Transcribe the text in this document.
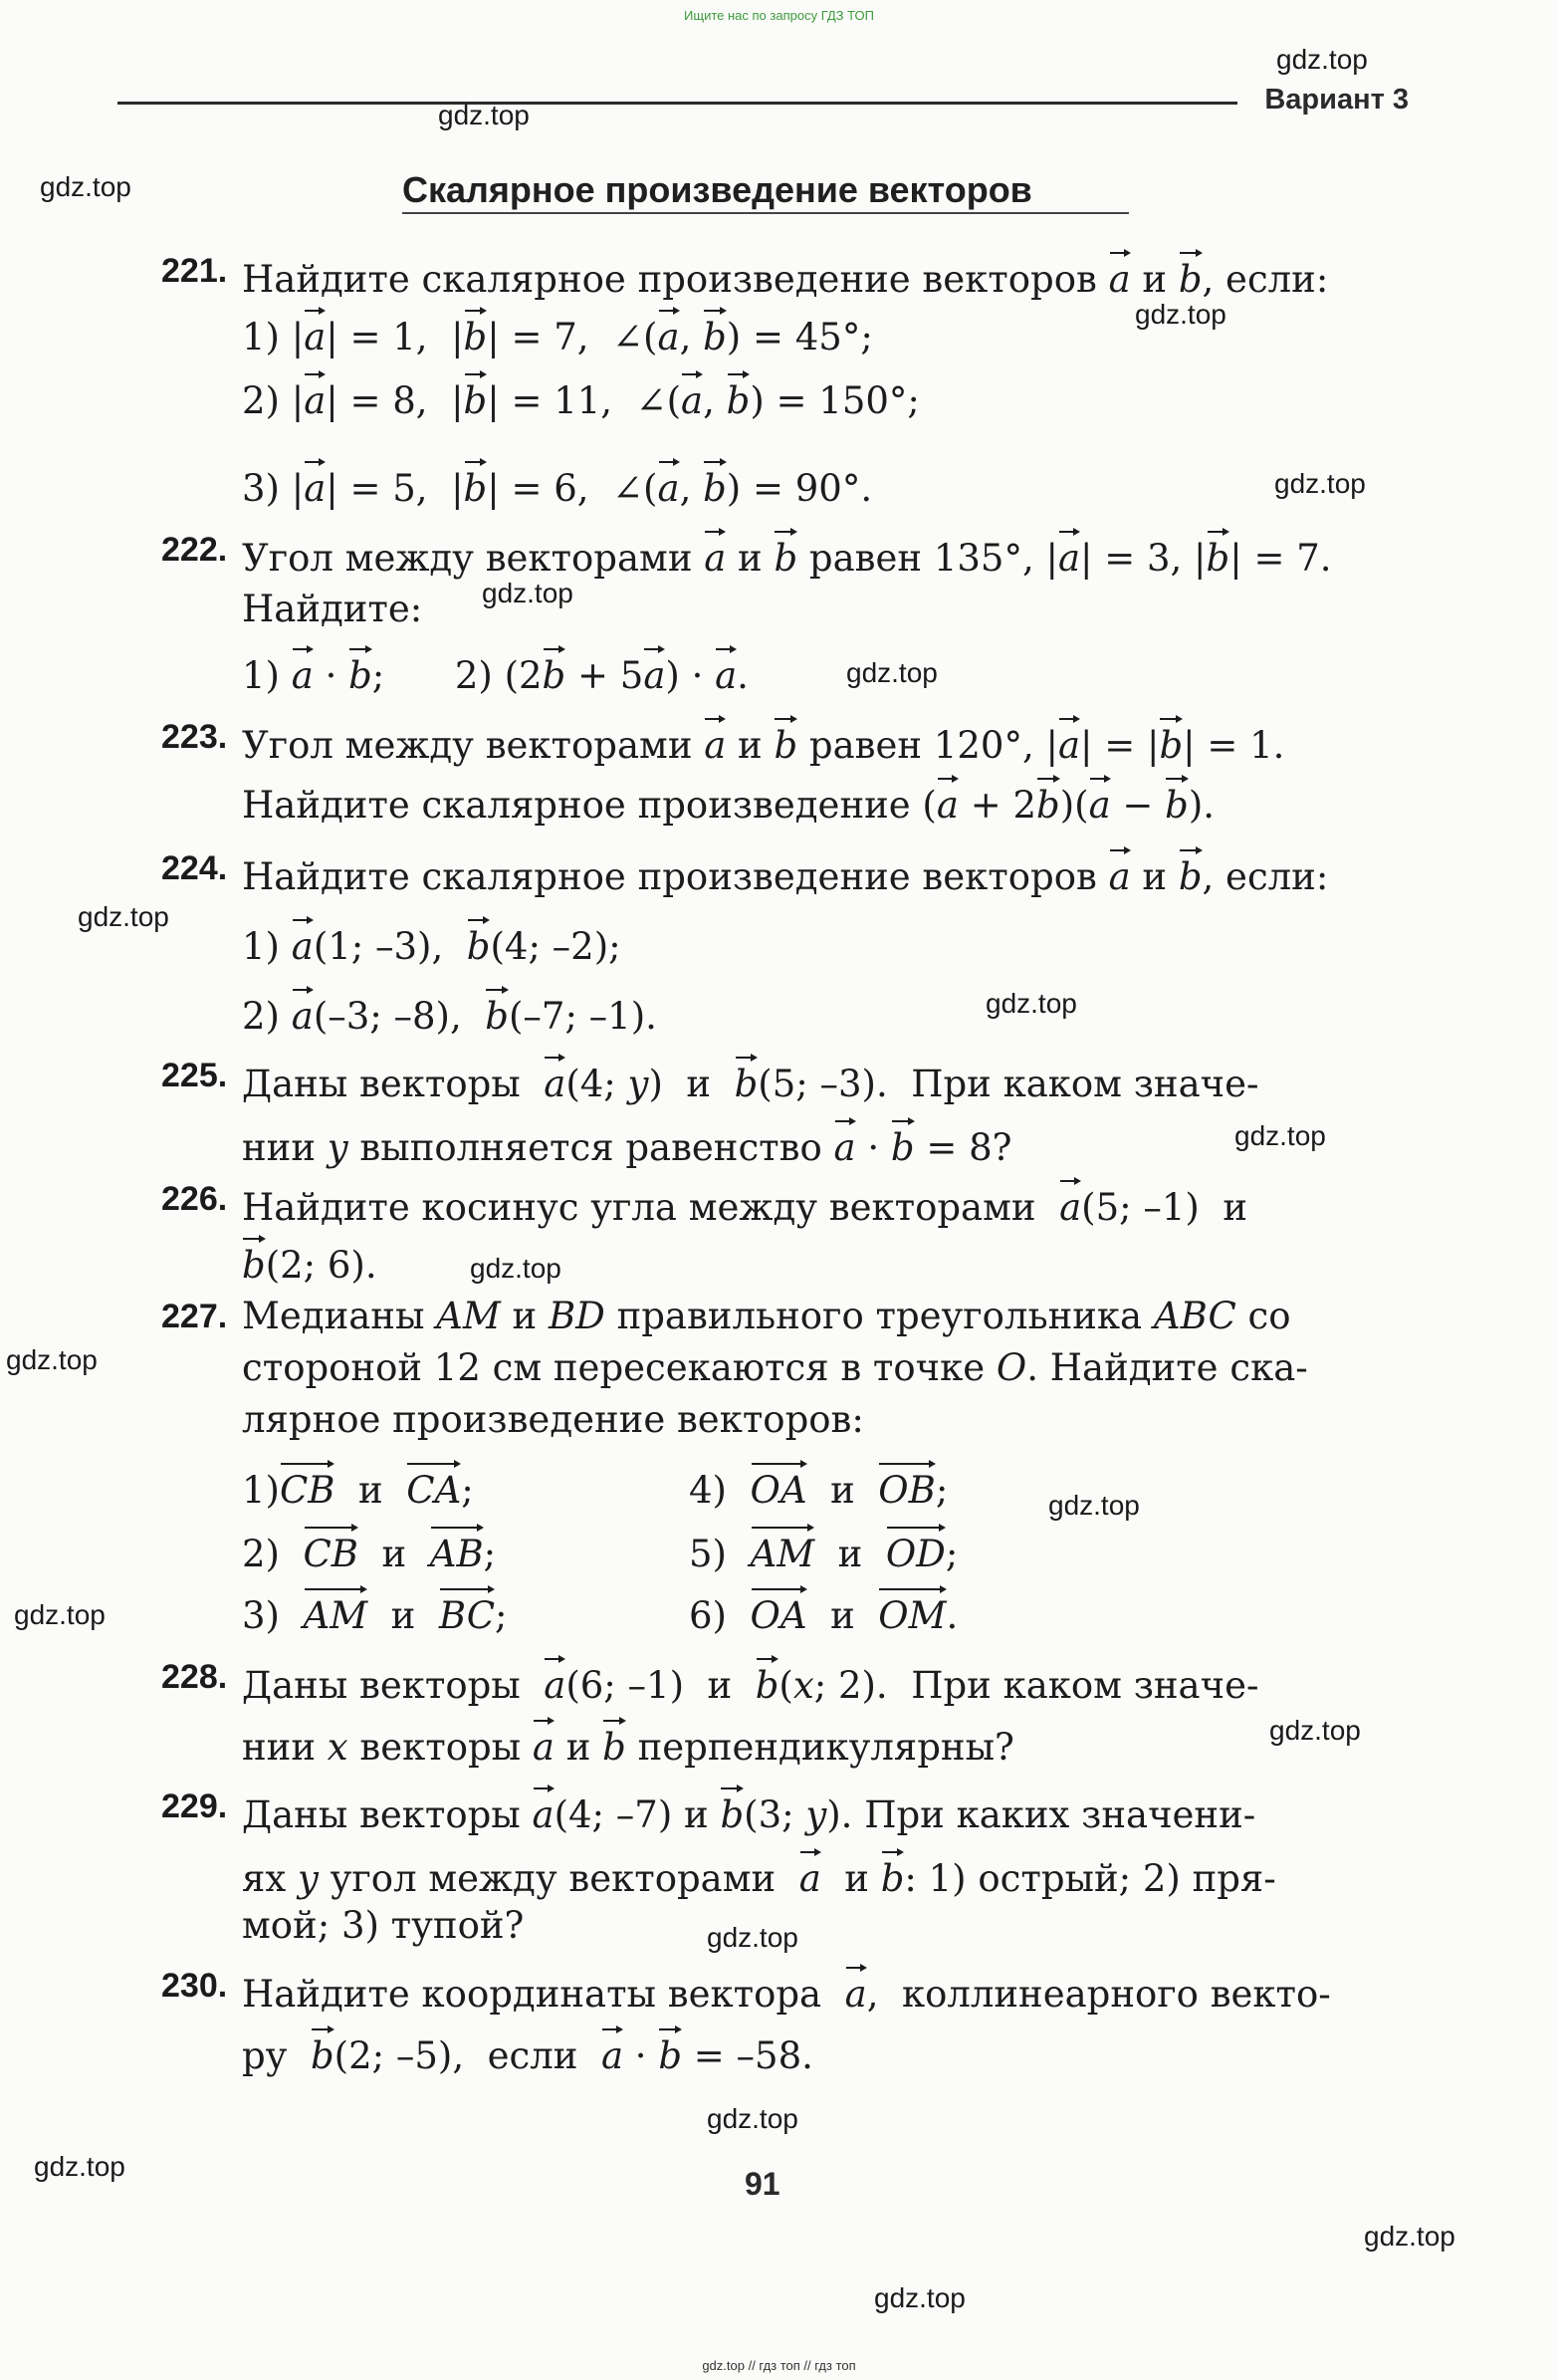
Ищите нас по запросу ГДЗ ТОП
Вариант 3
Скалярное произведение векторов
gdz.top
gdz.top
gdz.top
gdz.top
gdz.top
gdz.top
gdz.top
gdz.top
gdz.top
gdz.top
gdz.top
gdz.top
gdz.top
gdz.top
gdz.top
gdz.top
gdz.top
gdz.top
gdz.top
gdz.top
221. Найдите скалярное произведение векторов a и b, если:
1) |a| = 1,  |b| = 7,  ∠(a, b) = 45°;
2) |a| = 8,  |b| = 11,  ∠(a, b) = 150°;
3) |a| = 5,  |b| = 6,  ∠(a, b) = 90°.
222. Угол между векторами a и b равен 135°, |a| = 3, |b| = 7.
Найдите:
1) a · b;      2) (2b + 5a) · a.
223. Угол между векторами a и b равен 120°, |a| = |b| = 1.
Найдите скалярное произведение (a + 2b)(a − b).
224. Найдите скалярное произведение векторов a и b, если:
1) a(1; –3),  b(4; –2);
2) a(–3; –8),  b(–7; –1).
225. Даны векторы  a(4; y)  и  b(5; –3).  При каком значе-
нии y выполняется равенство a · b = 8?
226. Найдите косинус угла между векторами  a(5; –1)  и
b(2; 6).
227. Медианы AM и BD правильного треугольника ABC со
стороной 12 см пересекаются в точке O. Найдите ска-
лярное произведение векторов:
1)CB  и  CA;	4)  OA  и  OB;
2)  CB  и  AB;	5)  AM  и  OD;
3)  AM  и  BC;	6)  OA  и  OM.
228. Даны векторы  a(6; –1)  и  b(x; 2).  При каком значе-
нии x векторы a и b перпендикулярны?
229. Даны векторы a(4; –7) и b(3; y). При каких значени-
ях y угол между векторами  a  и b: 1) острый; 2) пря-
мой; 3) тупой?
230. Найдите координаты вектора  a,  коллинеарного векто-
ру  b(2; –5),  если  a · b = –58.
91
gdz.top // гдз топ // гдз топ
